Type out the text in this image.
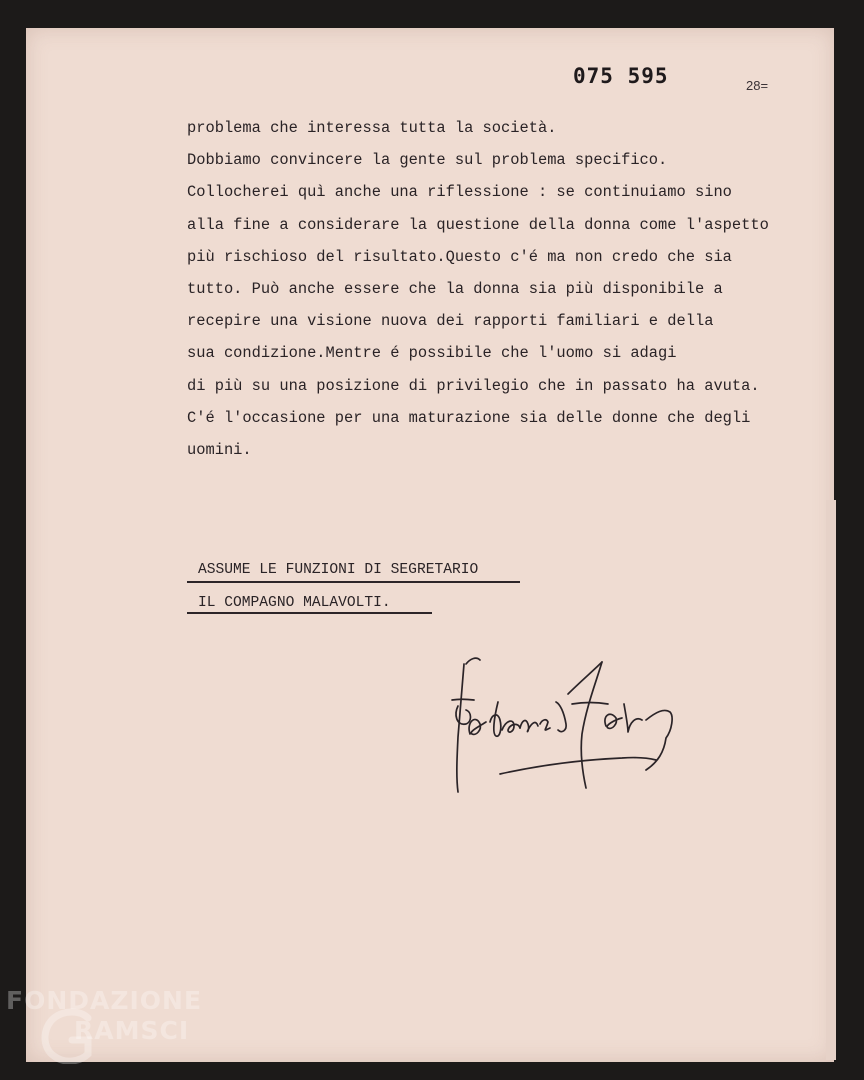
075 595	28=
problema che interessa tutta la società.
Dobbiamo convincere la gente sul problema specifico.
Collocherei quì anche una riflessione : se continuiamo sino
alla fine a considerare la questione della donna come l'aspetto
più rischioso del risultato.Questo c'é ma non credo che sia
tutto. Può anche essere che la donna sia più disponibile a
recepire una visione nuova dei rapporti familiari e della
sua condizione.Mentre é possibile che l'uomo si adagi
di più su una posizione di privilegio che in passato ha avuta.
C'é l'occasione per una maturazione sia delle donne che degli
uomini.
ASSUME LE FUNZIONI DI SEGRETARIO
IL COMPAGNO MALAVOLTI.
FONDAZIONE
RAMSCI
